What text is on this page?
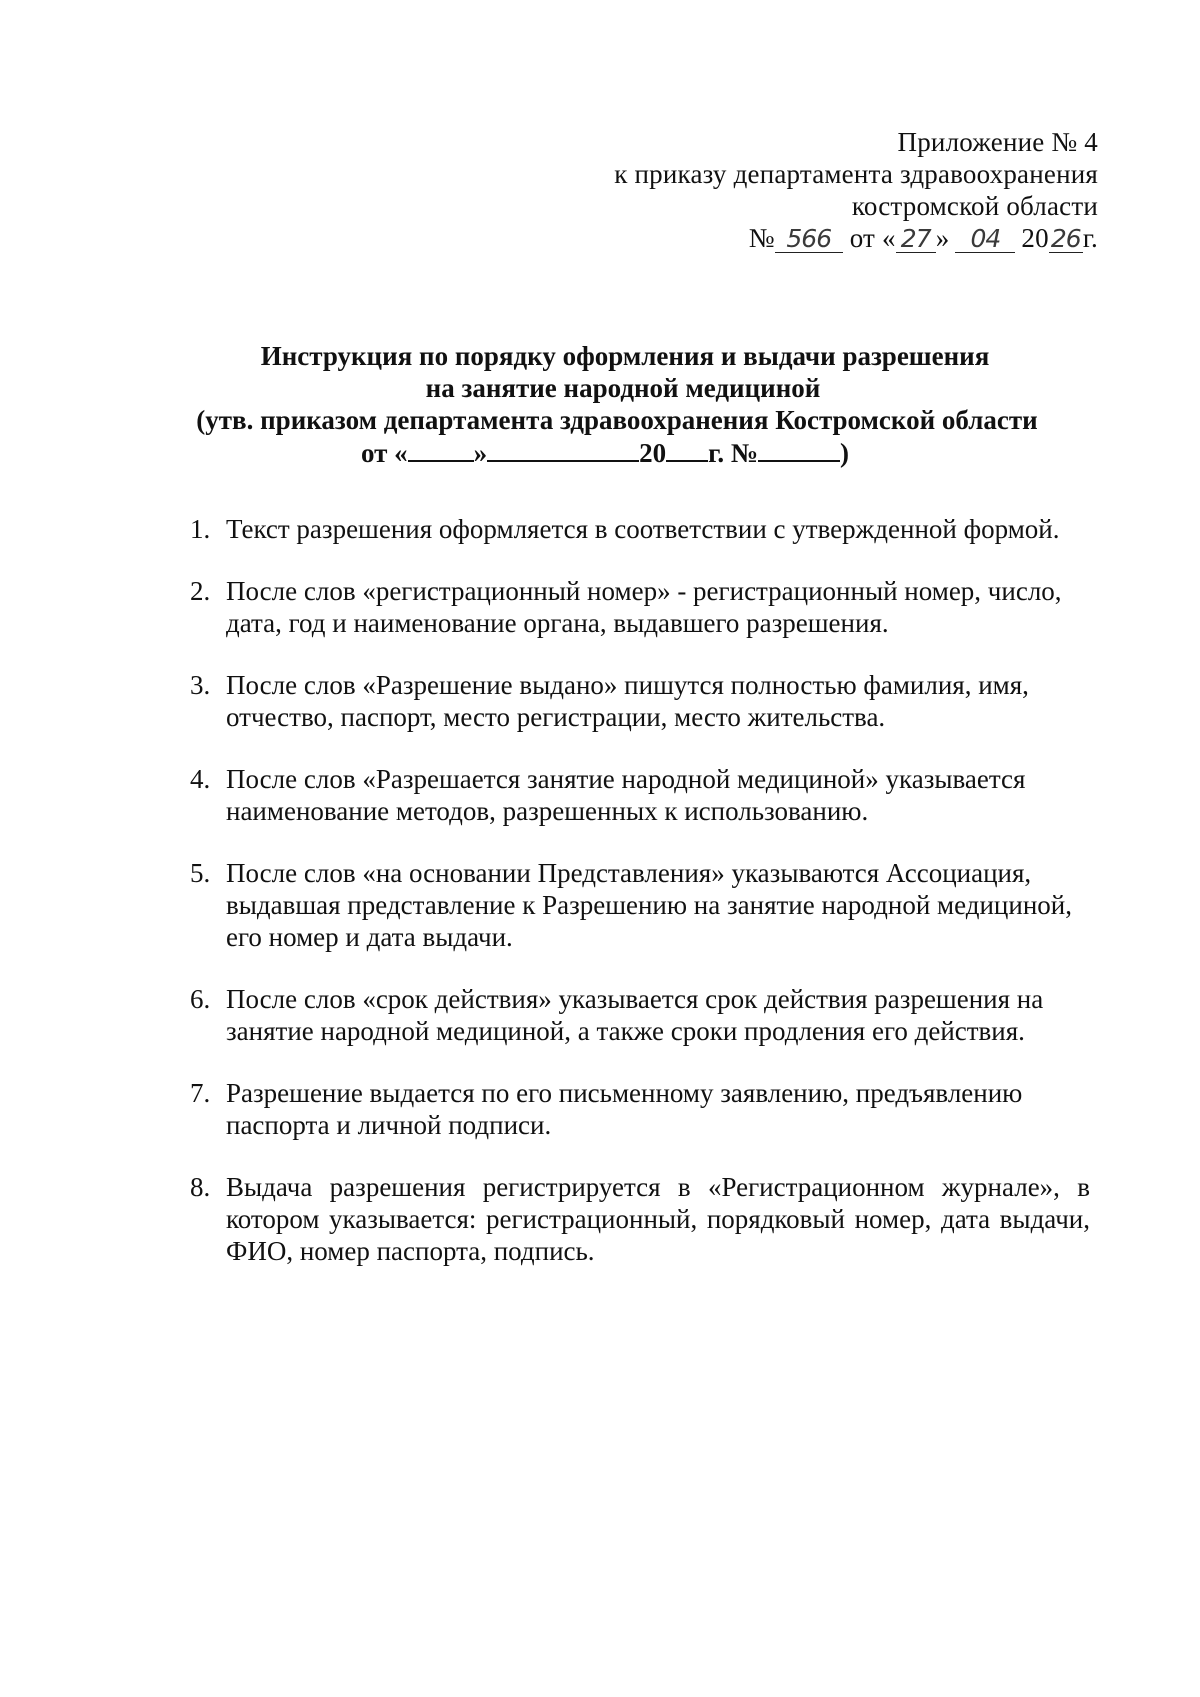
Приложение № 4
к приказу департамента здравоохранения
костромской области
№ 566 от « 27 » 04 2026г.
Инструкция по порядку оформления и выдачи разрешения
на занятие народной медициной
(утв. приказом департамента здравоохранения Костромской области
от « »	20 г. №	)
1. Текст разрешения оформляется в соответствии с утвержденной формой.
2. После слов «регистрационный номер» - регистрационный номер, число, дата, год и наименование органа, выдавшего разрешения.
3. После слов «Разрешение выдано» пишутся полностью фамилия, имя, отчество, паспорт, место регистрации, место жительства.
4. После слов «Разрешается занятие народной медициной» указывается наименование методов, разрешенных к использованию.
5. После слов «на основании Представления» указываются Ассоциация, выдавшая представление к Разрешению на занятие народной медициной, его номер и дата выдачи.
6. После слов «срок действия» указывается срок действия разрешения на занятие народной медициной, а также сроки продления его действия.
7. Разрешение выдается по его письменному заявлению, предъявлению паспорта и личной подписи.
8. Выдача разрешения регистрируется в «Регистрационном журнале», в котором указывается: регистрационный, порядковый номер, дата выдачи, ФИО, номер паспорта, подпись.
